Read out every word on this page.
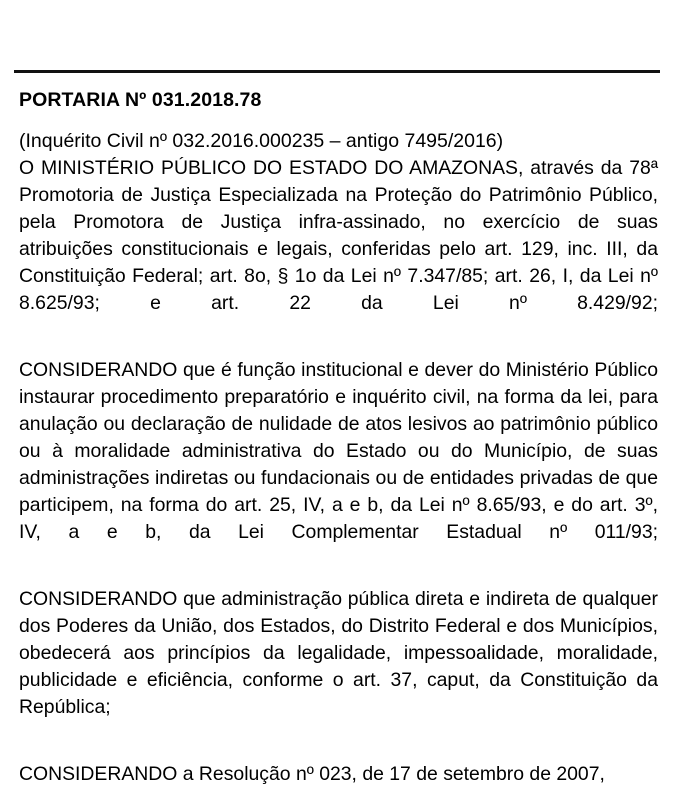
PORTARIA Nº 031.2018.78
(Inquérito Civil nº 032.2016.000235 – antigo 7495/2016)

O MINISTÉRIO PÚBLICO DO ESTADO DO AMAZONAS, através da 78ª Promotoria de Justiça Especializada na Proteção do Patrimônio Público, pela Promotora de Justiça infra-assinado, no exercício de suas atribuições constitucionais e legais, conferidas pelo art. 129, inc. III, da Constituição Federal; art. 8o, § 1o da Lei nº 7.347/85; art. 26, I, da Lei nº 8.625/93; e art. 22 da Lei nº 8.429/92;

CONSIDERANDO que é função institucional e dever do Ministério Público instaurar procedimento preparatório e inquérito civil, na forma da lei, para anulação ou declaração de nulidade de atos lesivos ao patrimônio público ou à moralidade administrativa do Estado ou do Município, de suas administrações indiretas ou fundacionais ou de entidades privadas de que participem, na forma do art. 25, IV, a e b, da Lei nº 8.65/93, e do art. 3º, IV, a e b, da Lei Complementar Estadual nº 011/93;

CONSIDERANDO que administração pública direta e indireta de qualquer dos Poderes da União, dos Estados, do Distrito Federal e dos Municípios, obedecerá aos princípios da legalidade, impessoalidade, moralidade, publicidade e eficiência, conforme o art. 37, caput, da Constituição da República;

CONSIDERANDO a Resolução nº 023, de 17 de setembro de 2007,
